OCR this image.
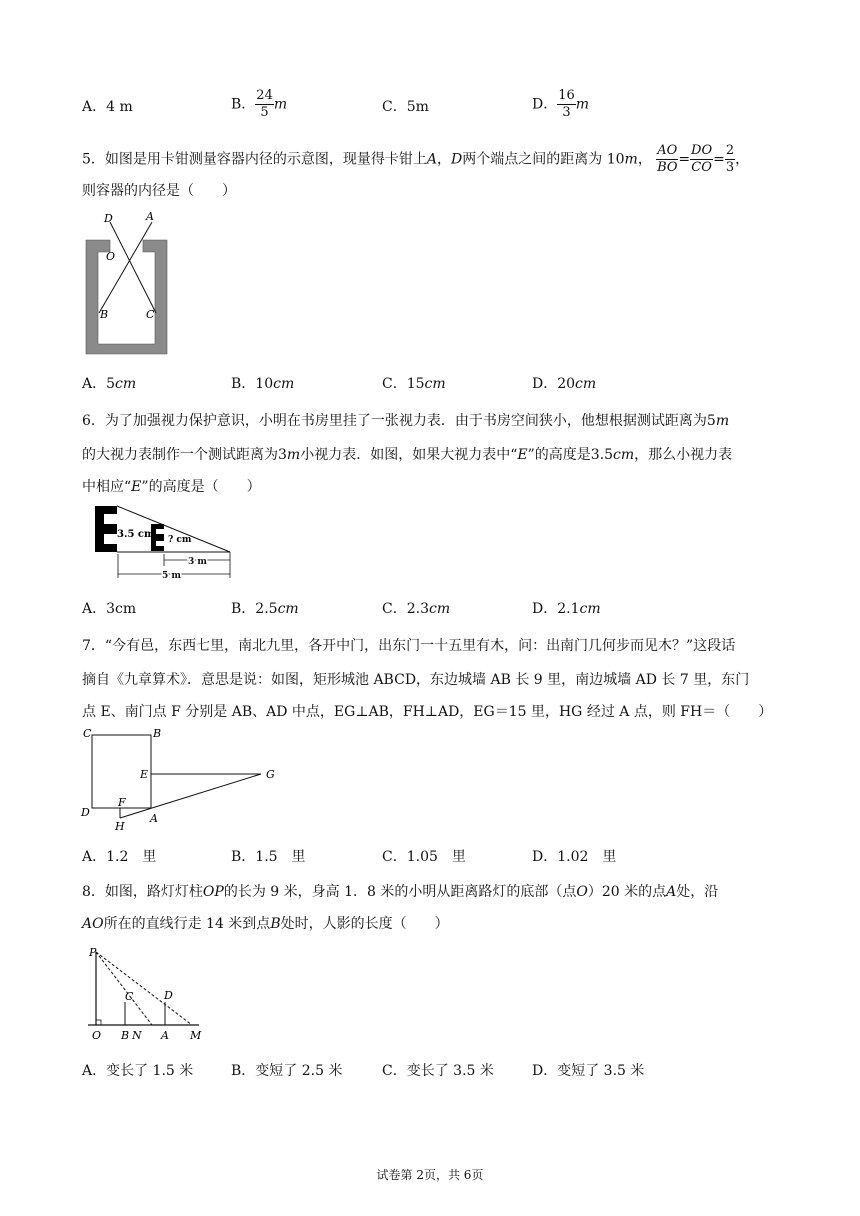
A．4 m	B． $\frac{24}{5}$ m	C．5m	D． $\frac{16}{3}$ m
5．如图是用卡钳测量容器内径的示意图，现量得卡钳上A，D两个端点之间的距离为 10m， $\frac{AO}{BO} = \frac{DO}{CO} = \frac{2}{3}$ ，
则容器的内径是（　　）
D	A
O
B	C
A．5cm	B．10cm	C．15cm	D．20cm
6．为了加强视力保护意识，小明在书房里挂了一张视力表．由于书房空间狭小，他想根据测试距离为5m
的大视力表制作一个测试距离为3m小视力表．如图，如果大视力表中“E”的高度是3.5cm，那么小视力表
中相应“E”的高度是（　　）
3.5 cm ? cm
3 m
5 m
A．3cm	B．2.5cm	C．2.3cm	D．2.1cm
7．“今有邑，东西七里，南北九里，各开中门，出东门一十五里有木，问：出南门几何步而见木？”这段话
摘自《九章算术》．意思是说：如图，矩形城池 ABCD，东边城墙 AB 长 9 里，南边城墙 AD 长 7 里，东门
点 E、南门点 F 分别是 AB、AD 中点，EG⊥AB，FH⊥AD，EG＝15 里，HG 经过 A 点，则 FH＝（　　）
C	B
E	G
F
D	A
H
A．1.2　里	B．1.5　里	C．1.05　里	D．1.02　里
8．如图，路灯灯柱OP的长为 9 米，身高 1．8 米的小明从距离路灯的底部（点O）20 米的点A处，沿
AO所在的直线行走 14 米到点B处时，人影的长度（　　）
P
C	D
O B N A M
A．变长了 1.5 米	B．变短了 2.5 米	C．变长了 3.5 米	D．变短了 3.5 米
试卷第 2页，共 6页
